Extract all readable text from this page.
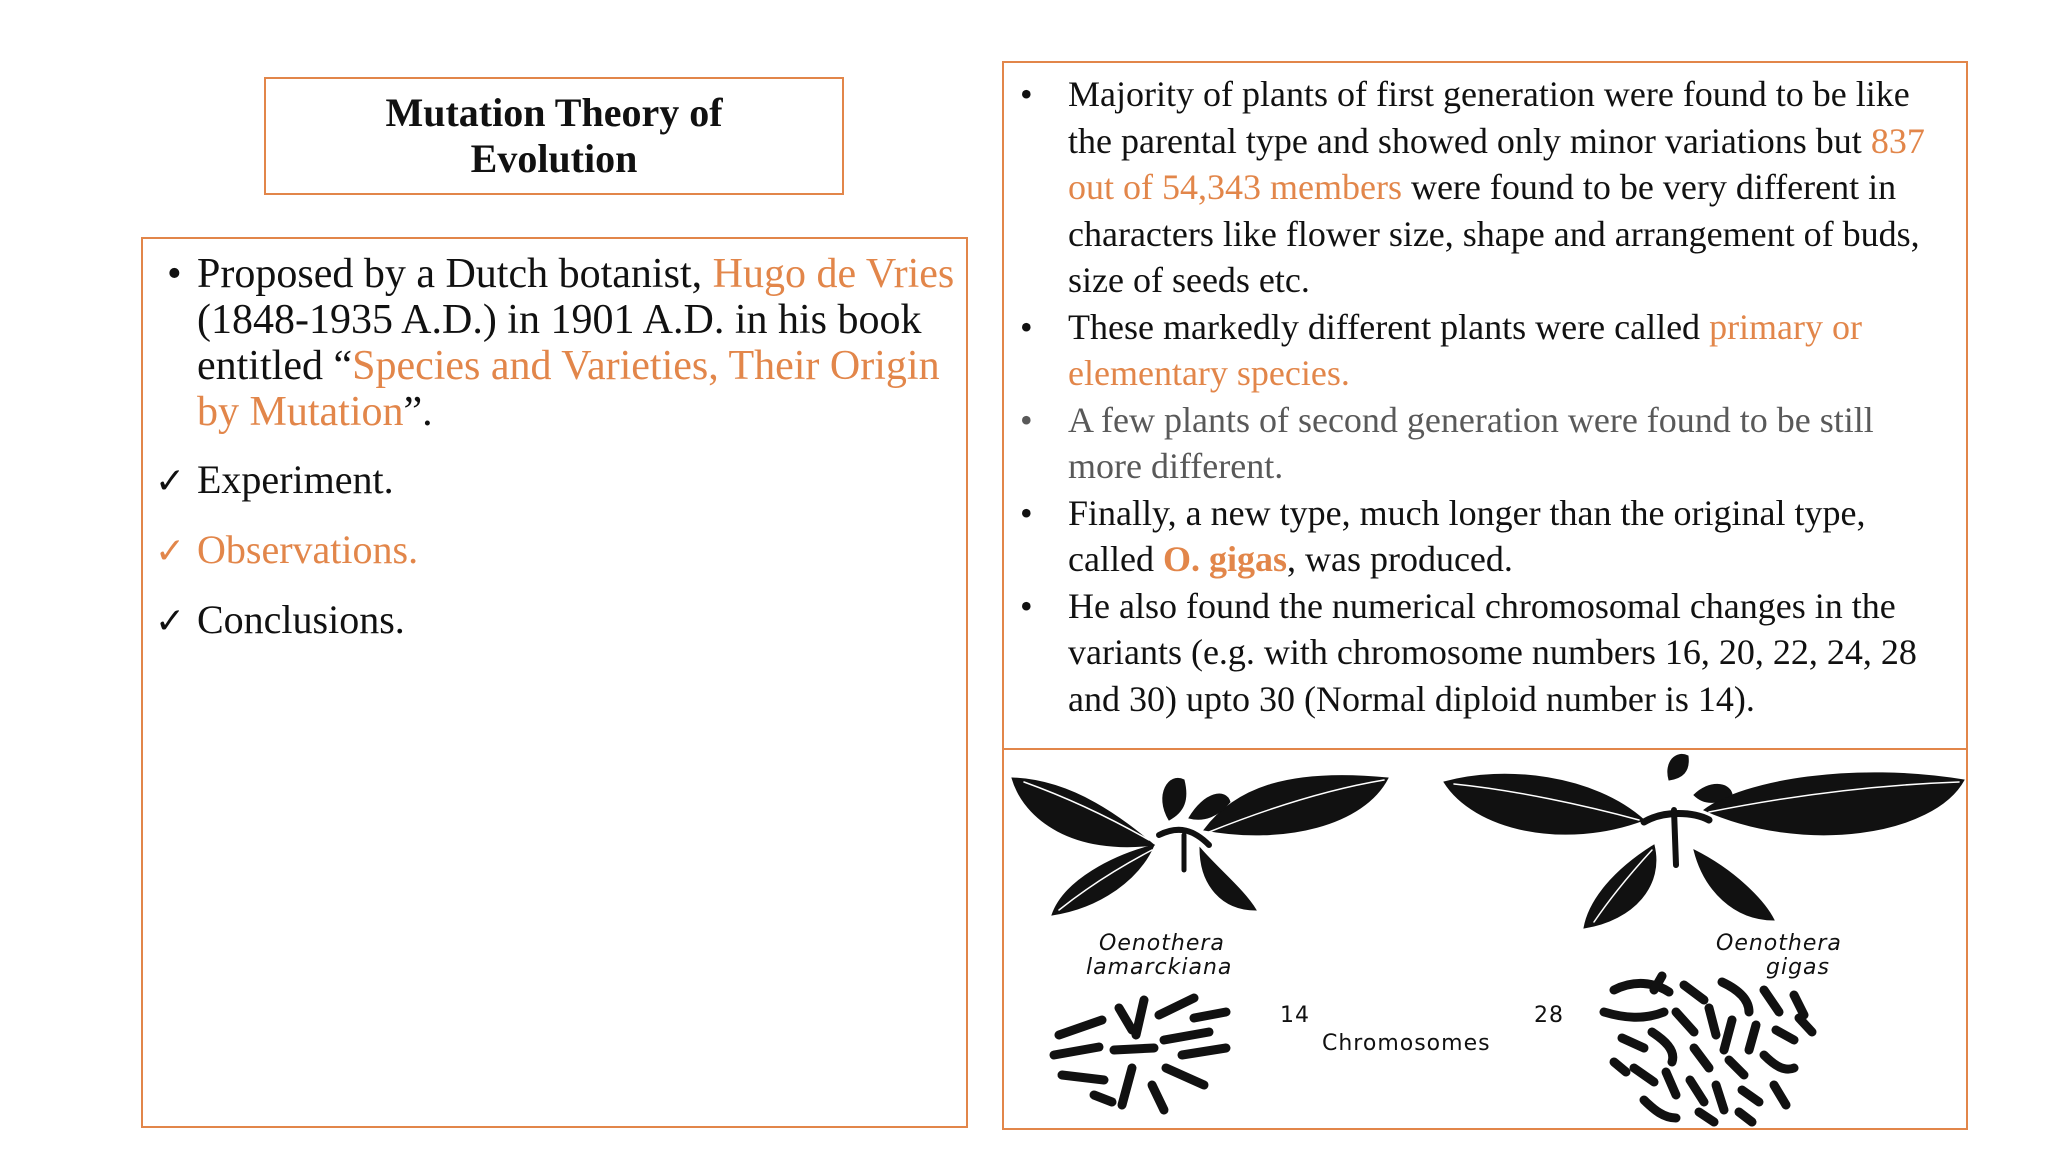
Mutation Theory of
Evolution
• Proposed by a Dutch botanist, Hugo de Vries (1848-1935 A.D.) in 1901 A.D. in his book entitled “Species and Varieties, Their Origin by Mutation”.
✓ Experiment.
✓ Observations.
✓ Conclusions.
• Majority of plants of first generation were found to be like the parental type and showed only minor variations but 837 out of 54,343 members were found to be very different in characters like flower size, shape and arrangement of buds, size of seeds etc.
• These markedly different plants were called primary or elementary species.
• A few plants of second generation were found to be still more different.
• Finally, a new type, much longer than the original type, called O. gigas, was produced.
• He also found the numerical chromosomal changes in the variants (e.g. with chromosome numbers 16, 20, 22, 24, 28 and 30) upto 30 (Normal diploid number is 14).
Oenothera
lamarckiana
14	28
Chromosomes
Oenothera
gigas
